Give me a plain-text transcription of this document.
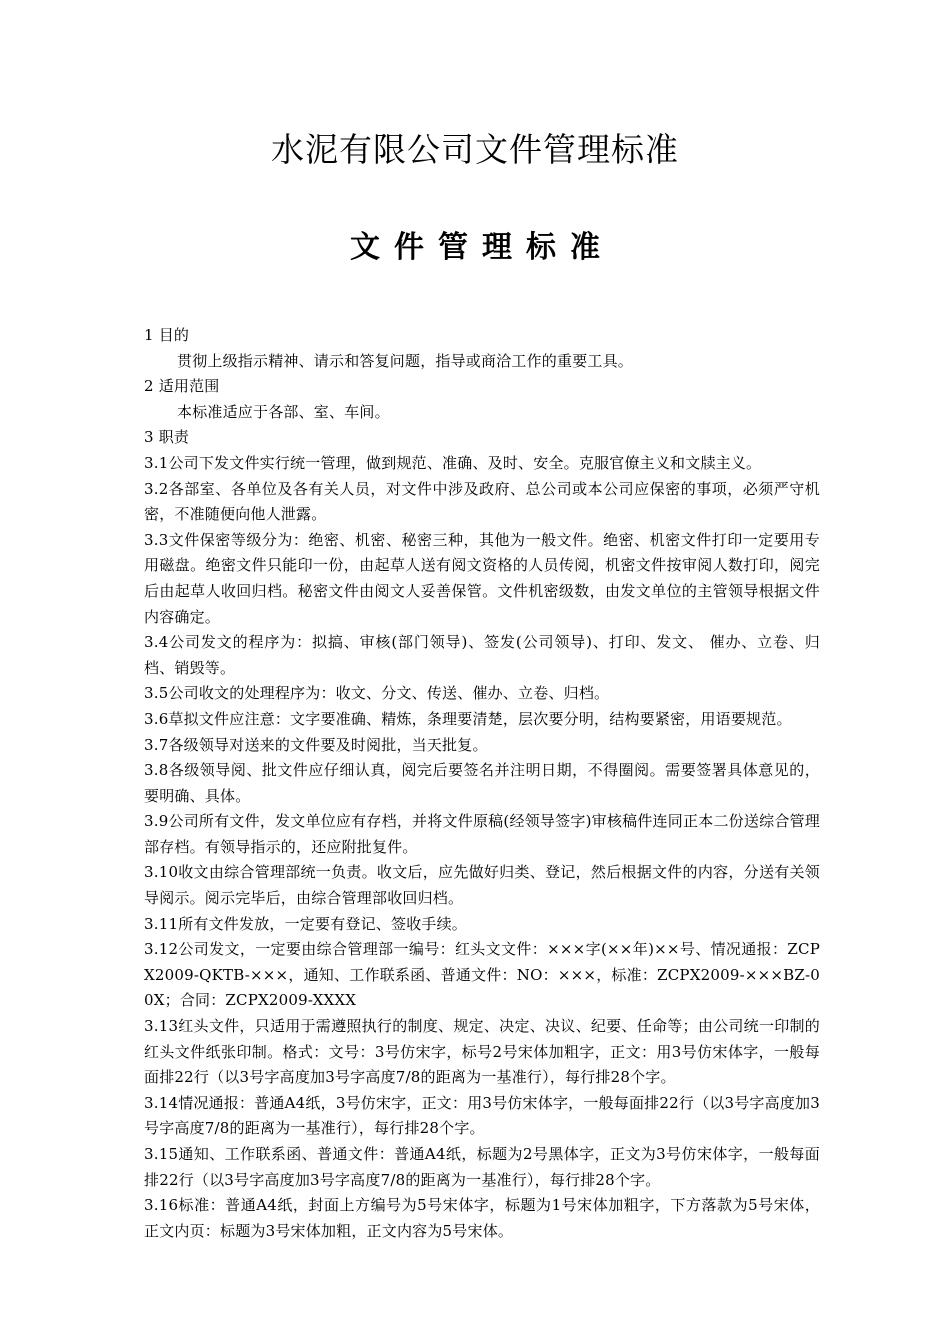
水泥有限公司文件管理标准
文件管理标准

1 目的

贯彻上级指示精神、请示和答复问题，指导或商洽工作的重要工具。

2 适用范围

本标准适应于各部、室、车间。

3 职责

3.1公司下发文件实行统一管理，做到规范、准确、及时、安全。克服官僚主义和文牍主义。

3.2各部室、各单位及各有关人员，对文件中涉及政府、总公司或本公司应保密的事项，必须严守机密，不准随便向他人泄露。

3.3文件保密等级分为：绝密、机密、秘密三种，其他为一般文件。绝密、机密文件打印一定要用专用磁盘。绝密文件只能印一份，由起草人送有阅文资格的人员传阅，机密文件按审阅人数打印，阅完后由起草人收回归档。秘密文件由阅文人妥善保管。文件机密级数，由发文单位的主管领导根据文件内容确定。

3.4公司发文的程序为：拟搞、审核(部门领导)、签发(公司领导)、打印、发文、 催办、立卷、归档、销毁等。

3.5公司收文的处理程序为：收文、分文、传送、催办、立卷、归档。

3.6草拟文件应注意：文字要准确、精炼，条理要清楚，层次要分明，结构要紧密，用语要规范。

3.7各级领导对送来的文件要及时阅批，当天批复。

3.8各级领导阅、批文件应仔细认真，阅完后要签名并注明日期，不得圈阅。需要签署具体意见的， 要明确、具体。

3.9公司所有文件，发文单位应有存档，并将文件原稿(经领导签字)审核稿件连同正本二份送综合管理部存档。有领导指示的，还应附批复件。

3.10收文由综合管理部统一负责。收文后，应先做好归类、登记，然后根据文件的内容，分送有关领导阅示。阅示完毕后，由综合管理部收回归档。

3.11所有文件发放，一定要有登记、签收手续。

3.12公司发文，一定要由综合管理部一编号：红头文文件：×××字(××年)××号、情况通报：ZCPX2009-QKTB-×××，通知、工作联系函、普通文件：NO：×××，标准：ZCPX2009-×××BZ-00X；合同：ZCPX2009-XXXX

3.13红头文件，只适用于需遵照执行的制度、规定、决定、决议、纪要、任命等；由公司统一印制的红头文件纸张印制。格式：文号：3号仿宋字，标号2号宋体加粗字，正文：用3号仿宋体字，一般每面排22行（以3号字高度加3号字高度7/8的距离为一基准行），每行排28个字。

3.14情况通报：普通A4纸，3号仿宋字，正文：用3号仿宋体字，一般每面排22行（以3号字高度加3号字高度7/8的距离为一基准行），每行排28个字。

3.15通知、工作联系函、普通文件：普通A4纸，标题为2号黑体字，正文为3号仿宋体字，一般每面排22行（以3号字高度加3号字高度7/8的距离为一基准行），每行排28个字。

3.16标准：普通A4纸，封面上方编号为5号宋体字，标题为1号宋体加粗字，下方落款为5号宋体，正文内页：标题为3号宋体加粗，正文内容为5号宋体。
